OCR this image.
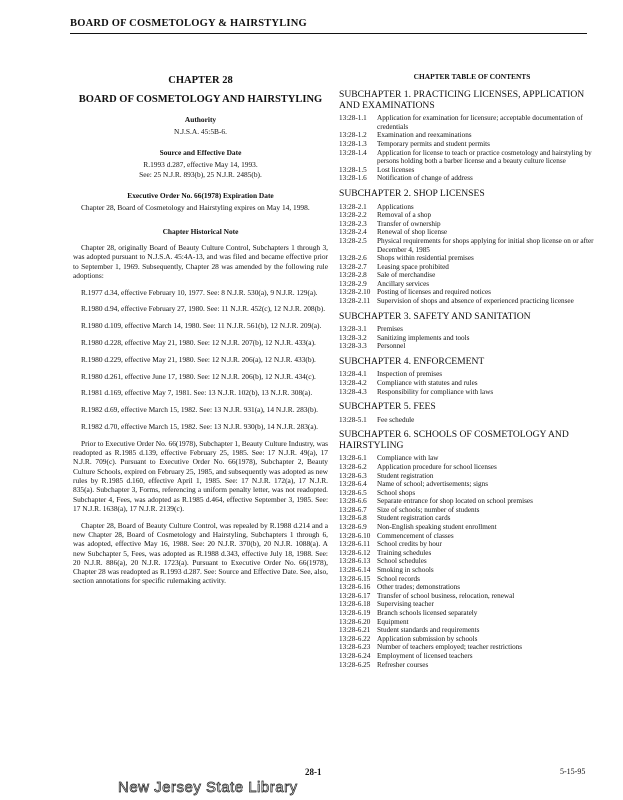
BOARD OF COSMETOLOGY & HAIRSTYLING
CHAPTER 28
BOARD OF COSMETOLOGY AND HAIRSTYLING
Authority
N.J.S.A. 45:5B-6.
Source and Effective Date
R.1993 d.287, effective May 14, 1993.
See: 25 N.J.R. 893(b), 25 N.J.R. 2485(b).
Executive Order No. 66(1978) Expiration Date
Chapter 28, Board of Cosmetology and Hairstyling expires on May 14, 1998.
Chapter Historical Note
Chapter 28, originally Board of Beauty Culture Control, Subchapters 1 through 3, was adopted pursuant to N.J.S.A. 45:4A-13, and was filed and became effective prior to September 1, 1969. Subsequently, Chapter 28 was amended by the following rule adoptions:
R.1977 d.34, effective February 10, 1977. See: 8 N.J.R. 530(a), 9 N.J.R. 129(a).
R.1980 d.94, effective February 27, 1980. See: 11 N.J.R. 452(c), 12 N.J.R. 208(b).
R.1980 d.109, effective March 14, 1980. See: 11 N.J.R. 561(b), 12 N.J.R. 209(a).
R.1980 d.228, effective May 21, 1980. See: 12 N.J.R. 207(b), 12 N.J.R. 433(a).
R.1980 d.229, effective May 21, 1980. See: 12 N.J.R. 206(a), 12 N.J.R. 433(b).
R.1980 d.261, effective June 17, 1980. See: 12 N.J.R. 206(b), 12 N.J.R. 434(c).
R.1981 d.169, effective May 7, 1981. See: 13 N.J.R. 102(b), 13 N.J.R. 308(a).
R.1982 d.69, effective March 15, 1982. See: 13 N.J.R. 931(a), 14 N.J.R. 283(b).
R.1982 d.70, effective March 15, 1982. See: 13 N.J.R. 930(b), 14 N.J.R. 283(a).
Prior to Executive Order No. 66(1978), Subchapter 1, Beauty Culture Industry, was readopted as R.1985 d.139, effective February 25, 1985. See: 17 N.J.R. 49(a), 17 N.J.R. 709(c). Pursuant to Executive Order No. 66(1978), Subchapter 2, Beauty Culture Schools, expired on February 25, 1985, and subsequently was adopted as new rules by R.1985 d.160, effective April 1, 1985. See: 17 N.J.R. 172(a), 17 N.J.R. 835(a). Subchapter 3, Forms, referencing a uniform penalty letter, was not readopted. Subchapter 4, Fees, was adopted as R.1985 d.464, effective September 3, 1985. See: 17 N.J.R. 1638(a), 17 N.J.R. 2139(c).
Chapter 28, Board of Beauty Culture Control, was repealed by R.1988 d.214 and a new Chapter 28, Board of Cosmetology and Hairstyling, Subchapters 1 through 6, was adopted, effective May 16, 1988. See: 20 N.J.R. 370(b), 20 N.J.R. 1088(a). A new Subchapter 5, Fees, was adopted as R.1988 d.343, effective July 18, 1988. See: 20 N.J.R. 886(a), 20 N.J.R. 1723(a). Pursuant to Executive Order No. 66(1978), Chapter 28 was readopted as R.1993 d.287. See: Source and Effective Date. See, also, section annotations for specific rulemaking activity.
CHAPTER TABLE OF CONTENTS
SUBCHAPTER 1. PRACTICING LICENSES, APPLICATION AND EXAMINATIONS
13:28-1.1	Application for examination for licensure; acceptable documentation of credentials
13:28-1.2	Examination and reexaminations
13:28-1.3	Temporary permits and student permits
13:28-1.4	Application for license to teach or practice cosmetology and hairstyling by persons holding both a barber license and a beauty culture license
13:28-1.5	Lost licenses
13:28-1.6	Notification of change of address
SUBCHAPTER 2. SHOP LICENSES
13:28-2.1	Applications
13:28-2.2	Removal of a shop
13:28-2.3	Transfer of ownership
13:28-2.4	Renewal of shop license
13:28-2.5	Physical requirements for shops applying for initial shop license on or after December 4, 1985
13:28-2.6	Shops within residential premises
13:28-2.7	Leasing space prohibited
13:28-2.8	Sale of merchandise
13:28-2.9	Ancillary services
13:28-2.10 Posting of licenses and required notices
13:28-2.11 Supervision of shops and absence of experienced practicing licensee
SUBCHAPTER 3. SAFETY AND SANITATION
13:28-3.1	Premises
13:28-3.2	Sanitizing implements and tools
13:28-3.3	Personnel
SUBCHAPTER 4. ENFORCEMENT
13:28-4.1	Inspection of premises
13:28-4.2	Compliance with statutes and rules
13:28-4.3	Responsibility for compliance with laws
SUBCHAPTER 5. FEES
13:28-5.1	Fee schedule
SUBCHAPTER 6. SCHOOLS OF COSMETOLOGY AND HAIRSTYLING
13:28-6.1	Compliance with law
13:28-6.2	Application procedure for school licenses
13:28-6.3	Student registration
13:28-6.4	Name of school; advertisements; signs
13:28-6.5	School shops
13:28-6.6	Separate entrance for shop located on school premises
13:28-6.7	Size of schools; number of students
13:28-6.8	Student registration cards
13:28-6.9	Non-English speaking student enrollment
13:28-6.10 Commencement of classes
13:28-6.11 School credits by hour
13:28-6.12 Training schedules
13:28-6.13 School schedules
13:28-6.14 Smoking in schools
13:28-6.15 School records
13:28-6.16 Other trades; demonstrations
13:28-6.17 Transfer of school business, relocation, renewal
13:28-6.18 Supervising teacher
13:28-6.19 Branch schools licensed separately
13:28-6.20 Equipment
13:28-6.21 Student standards and requirements
13:28-6.22 Application submission by schools
13:28-6.23 Number of teachers employed; teacher restrictions
13:28-6.24 Employment of licensed teachers
13:28-6.25 Refresher courses
28-1	5-15-95
New Jersey State Library
